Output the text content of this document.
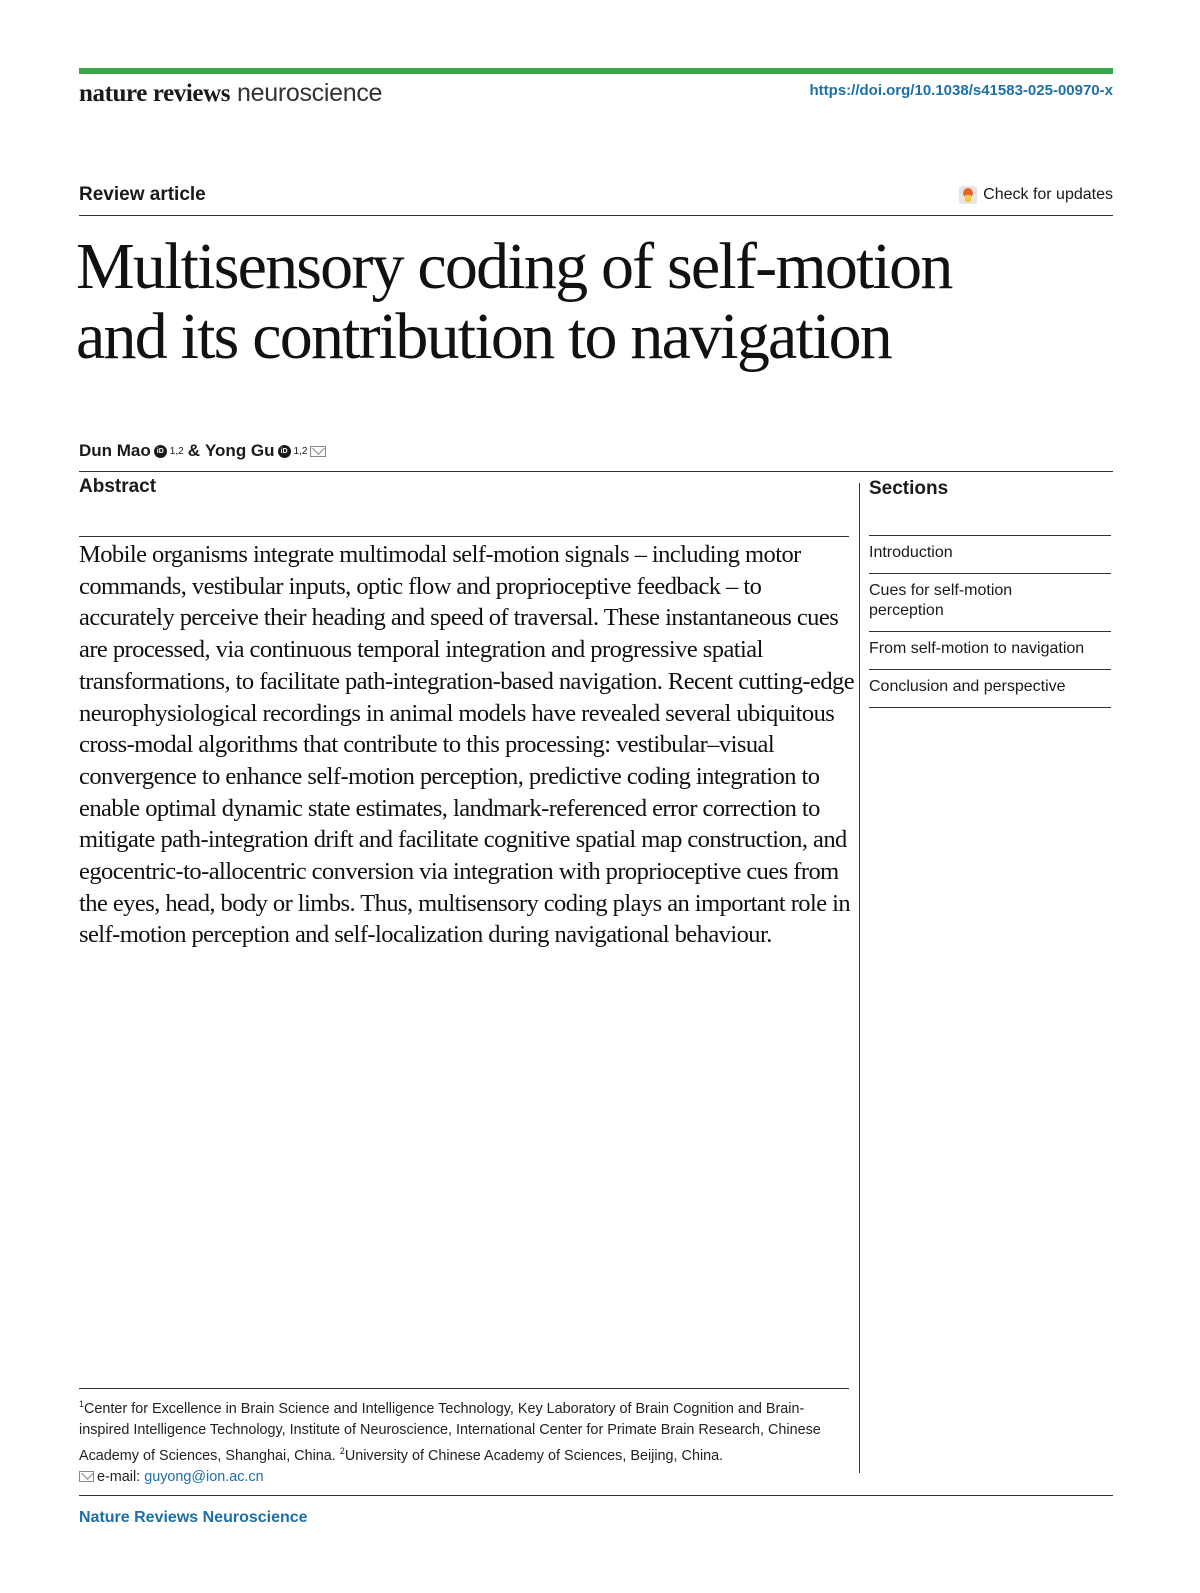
nature reviews neuroscience	https://doi.org/10.1038/s41583-025-00970-x
Review article	Check for updates
Multisensory coding of self-motion
and its contribution to navigation
Dun Mao iD 1,2 & Yong Gu iD 1,2
Abstract

Mobile organisms integrate multimodal self-motion signals – including motor commands, vestibular inputs, optic flow and proprioceptive feedback – to accurately perceive their heading and speed of traversal. These instantaneous cues are processed, via continuous temporal integration and progressive spatial transformations, to facilitate path-integration-based navigation. Recent cutting-edge neurophysiological recordings in animal models have revealed several ubiquitous cross-modal algorithms that contribute to this processing: vestibular–visual convergence to enhance self-motion perception, predictive coding integration to enable optimal dynamic state estimates, landmark-referenced error correction to mitigate path-integration drift and facilitate cognitive spatial map construction, and egocentric-to-allocentric conversion via integration with proprioceptive cues from the eyes, head, body or limbs. Thus, multisensory coding plays an important role in self-motion perception and self-localization during navigational behaviour.

Sections
Introduction
Cues for self-motion perception
From self-motion to navigation
Conclusion and perspective

$^1$Center for Excellence in Brain Science and Intelligence Technology, Key Laboratory of Brain Cognition and Brain-inspired Intelligence Technology, Institute of Neuroscience, International Center for Primate Brain Research, Chinese Academy of Sciences, Shanghai, China. $^2$University of Chinese Academy of Sciences, Beijing, China.
e-mail: guyong@ion.ac.cn

Nature Reviews Neuroscience
